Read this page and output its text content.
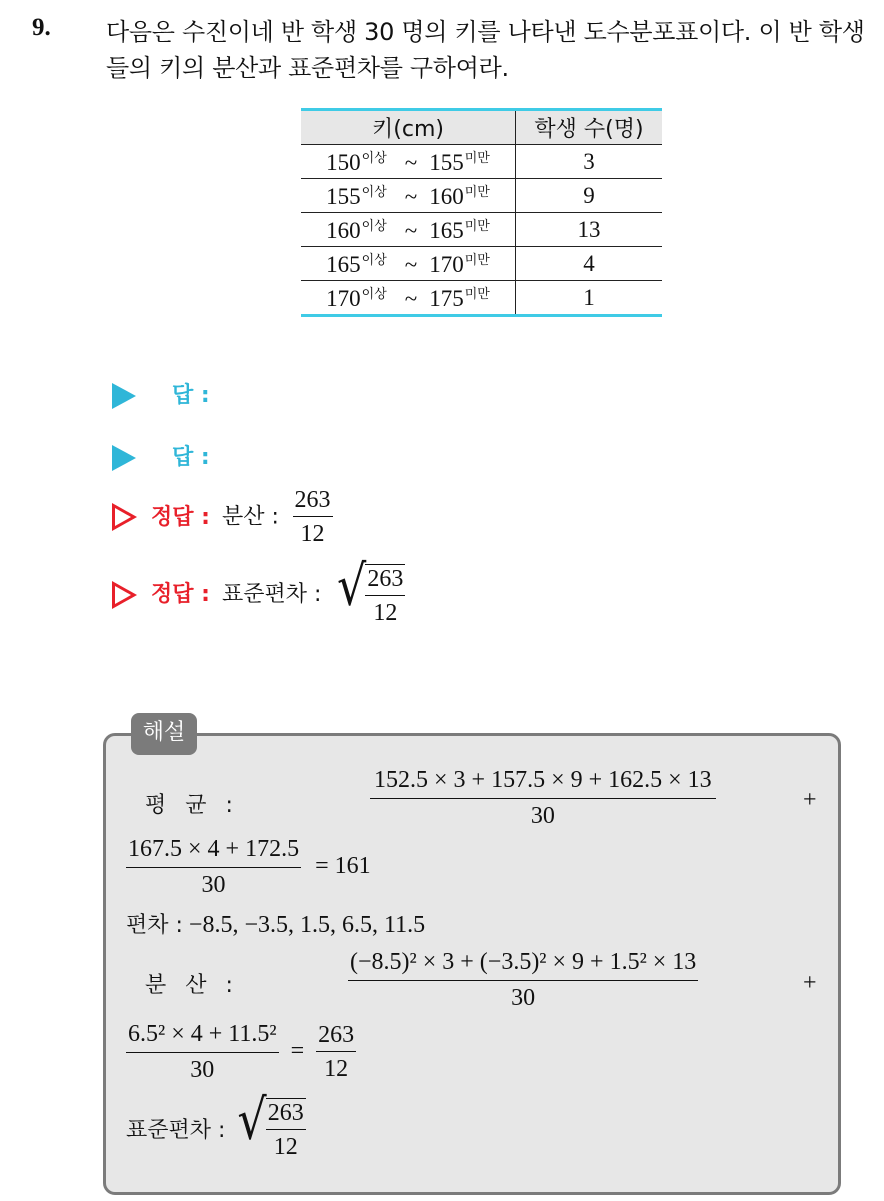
9. 다음은 수진이네 반 학생 30 명의 키를 나타낸 도수분포표이다. 이 반 학생들의 키의 분산과 표준편차를 구하여라.
키(cm)	학생 수(명)
$150^{이상}$ ~ $155^{미만}$	3
$155^{이상}$ ~ $160^{미만}$	9
$160^{이상}$ ~ $165^{미만}$	13
$165^{이상}$ ~ $170^{미만}$	4
$170^{이상}$ ~ $175^{미만}$	1
답 :
답 :
정답 : 분산 : $\frac{263}{12}$
정답 : 표준편차 : √ $\frac{263}{12}$
해설
평 균 :	$\frac{152.5 \times 3 + 157.5 \times 9 + 162.5 \times 13}{30}$	+
$\frac{167.5 \times 4 + 172.5}{30} = 161$
편차 : −8.5, −3.5, 1.5, 6.5, 11.5
분 산 :	$\frac{\text{(−8.5)² × 3 + (−3.5)² × 9 + 1.5² × 13}}{30}$	+
$\frac{\text{6.5² × 4 + 11.5²}}{30} = \frac{263}{12}$
표준편차 : √ $\frac{263}{12}$
